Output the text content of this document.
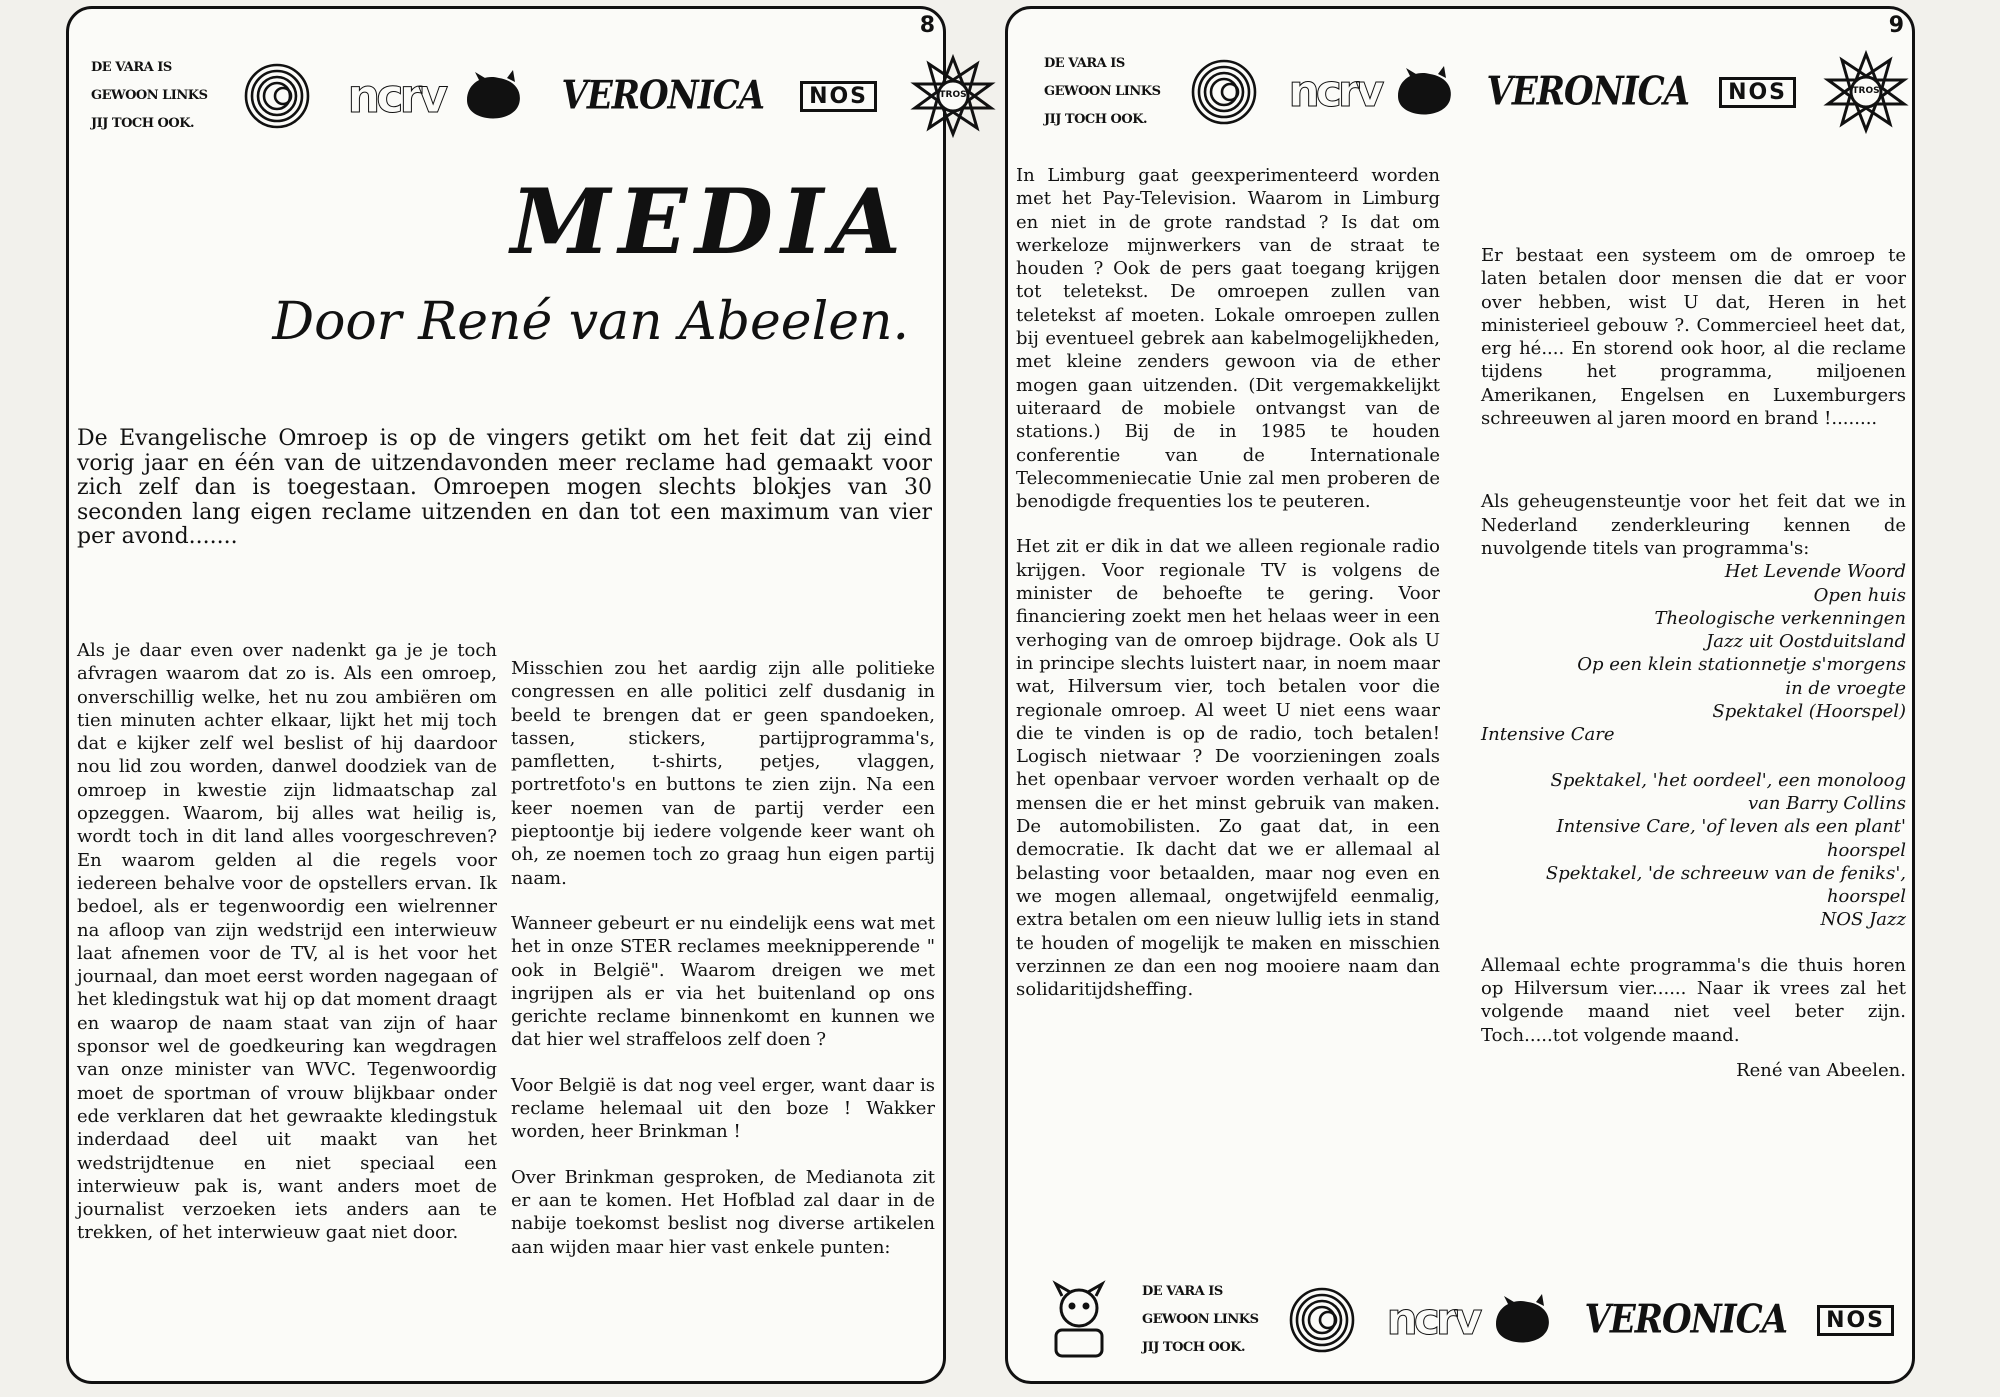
8

DE VARA IS

GEWOON LINKS

JIJ TOCH OOK.

ncrv	VERONICA	NOS	TROS
MEDIA
Door René van Abeelen.
De Evangelische Omroep is op de vingers getikt om het feit dat zij eind vorig jaar en één van de uitzendavonden meer reclame had gemaakt voor zich zelf dan is toegestaan. Omroepen mogen slechts blokjes van 30 seconden lang eigen reclame uitzenden en dan tot een maximum van vier per avond.......

Als je daar even over nadenkt ga je je toch afvragen waarom dat zo is. Als een omroep, onverschillig welke, het nu zou ambiëren om tien minuten achter elkaar, lijkt het mij toch dat e kijker zelf wel beslist of hij daardoor nou lid zou worden, danwel doodziek van de omroep in kwestie zijn lidmaatschap zal opzeggen. Waarom, bij alles wat heilig is, wordt toch in dit land alles voorgeschreven? En waarom gelden al die regels voor iedereen behalve voor de opstellers ervan. Ik bedoel, als er tegenwoordig een wielrenner na afloop van zijn wedstrijd een interwieuw laat afnemen voor de TV, al is het voor het journaal, dan moet eerst worden nagegaan of het kledingstuk wat hij op dat moment draagt en waarop de naam staat van zijn of haar sponsor wel de goedkeuring kan wegdragen van onze minister van WVC. Tegenwoordig moet de sportman of vrouw blijkbaar onder ede verklaren dat het gewraakte kledingstuk inderdaad deel uit maakt van het wedstrijdtenue en niet speciaal een interwieuw pak is, want anders moet de journalist verzoeken iets anders aan te trekken, of het interwieuw gaat niet door.

Misschien zou het aardig zijn alle politieke congressen en alle politici zelf dusdanig in beeld te brengen dat er geen spandoeken, tassen, stickers, partijprogramma's, pamfletten, t-shirts, petjes, vlaggen, portretfoto's en buttons te zien zijn. Na een keer noemen van de partij verder een pieptoontje bij iedere volgende keer want oh oh, ze noemen toch zo graag hun eigen partij naam.

Wanneer gebeurt er nu eindelijk eens wat met het in onze STER reclames meeknipperende " ook in België". Waarom dreigen we met ingrijpen als er via het buitenland op ons gerichte reclame binnenkomt en kunnen we dat hier wel straffeloos zelf doen ?

Voor België is dat nog veel erger, want daar is reclame helemaal uit den boze ! Wakker worden, heer Brinkman !

Over Brinkman gesproken, de Medianota zit er aan te komen. Het Hofblad zal daar in de nabije toekomst beslist nog diverse artikelen aan wijden maar hier vast enkele punten:

9

DE VARA IS

GEWOON LINKS

JIJ TOCH OOK.

ncrv	VERONICA	NOS	TROS

In Limburg gaat geexperimenteerd worden met het Pay-Television. Waarom in Limburg en niet in de grote randstad ? Is dat om werkeloze mijnwerkers van de straat te houden ? Ook de pers gaat toegang krijgen tot teletekst. De omroepen zullen van teletekst af moeten. Lokale omroepen zullen bij eventueel gebrek aan kabelmogelijkheden, met kleine zenders gewoon via de ether mogen gaan uitzenden. (Dit vergemakkelijkt uiteraard de mobiele ontvangst van de stations.) Bij de in 1985 te houden conferentie van de Internationale Telecommeniecatie Unie zal men proberen de benodigde frequenties los te peuteren.

Het zit er dik in dat we alleen regionale radio krijgen. Voor regionale TV is volgens de minister de behoefte te gering. Voor financiering zoekt men het helaas weer in een verhoging van de omroep bijdrage. Ook als U in principe slechts luistert naar, in noem maar wat, Hilversum vier, toch betalen voor die regionale omroep. Al weet U niet eens waar die te vinden is op de radio, toch betalen! Logisch nietwaar ? De voorzieningen zoals het openbaar vervoer worden verhaalt op de mensen die er het minst gebruik van maken. De automobilisten. Zo gaat dat, in een democratie. Ik dacht dat we er allemaal al belasting voor betaalden, maar nog even en we mogen allemaal, ongetwijfeld eenmalig, extra betalen om een nieuw lullig iets in stand te houden of mogelijk te maken en misschien verzinnen ze dan een nog mooiere naam dan solidaritijdsheffing.

Er bestaat een systeem om de omroep te laten betalen door mensen die dat er voor over hebben, wist U dat, Heren in het ministerieel gebouw ?. Commercieel heet dat, erg hé.... En storend ook hoor, al die reclame tijdens het programma, miljoenen Amerikanen, Engelsen en Luxemburgers schreeuwen al jaren moord en brand !........

Als geheugensteuntje voor het feit dat we in Nederland zenderkleuring kennen de nuvolgende titels van programma's:

Het Levende Woord
Open huis
Theologische verkenningen
Jazz uit Oostduitsland
Op een klein stationnetje s'morgens
in de vroegte
Spektakel (Hoorspel)
Intensive Care
Spektakel, 'het oordeel', een monoloog
van Barry Collins
Intensive Care, 'of leven als een plant'
hoorspel
Spektakel, 'de schreeuw van de feniks',
hoorspel
NOS Jazz

Allemaal echte programma's die thuis horen op Hilversum vier...... Naar ik vrees zal het volgende maand niet veel beter zijn. Toch.....tot volgende maand.

René van Abeelen.

DE VARA IS

GEWOON LINKS

JIJ TOCH OOK.

ncrv	VERONICA	NOS
